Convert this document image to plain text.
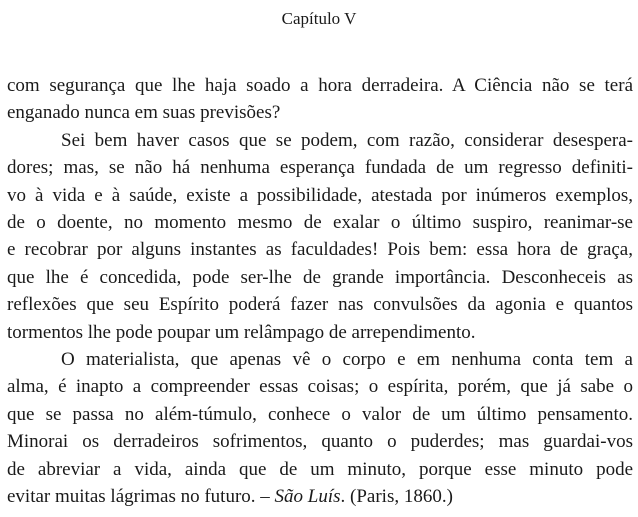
Capítulo V

com segurança que lhe haja soado a hora derradeira. A Ciência não se terá
enganado nunca em suas previsões?

Sei bem haver casos que se podem, com razão, considerar desespera-
dores; mas, se não há nenhuma esperança fundada de um regresso definiti-
vo à vida e à saúde, existe a possibilidade, atestada por inúmeros exemplos,
de o doente, no momento mesmo de exalar o último suspiro, reanimar-se
e recobrar por alguns instantes as faculdades! Pois bem: essa hora de graça,
que lhe é concedida, pode ser-lhe de grande importância. Desconheceis as
reflexões que seu Espírito poderá fazer nas convulsões da agonia e quantos
tormentos lhe pode poupar um relâmpago de arrependimento.

O materialista, que apenas vê o corpo e em nenhuma conta tem a
alma, é inapto a compreender essas coisas; o espírita, porém, que já sabe o
que se passa no além-túmulo, conhece o valor de um último pensamento.
Minorai os derradeiros sofrimentos, quanto o puderdes; mas guardai-vos
de abreviar a vida, ainda que de um minuto, porque esse minuto pode
evitar muitas lágrimas no futuro. – São Luís. (Paris, 1860.)
